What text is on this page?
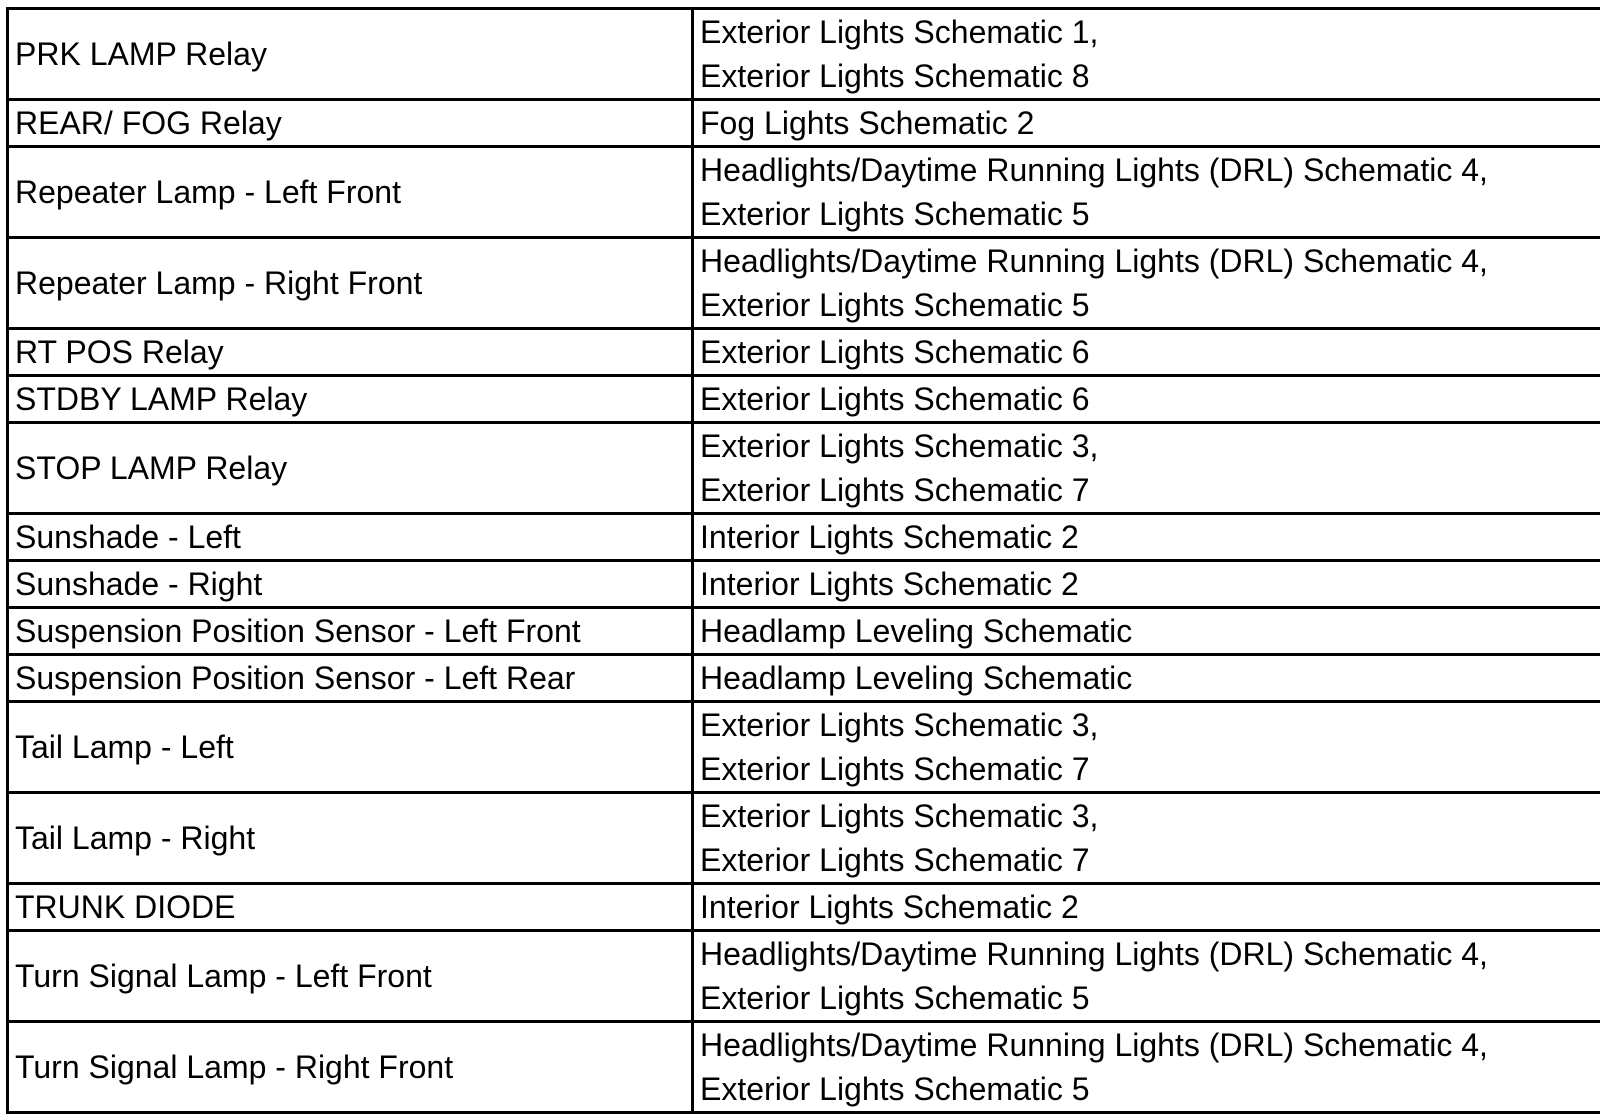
PRK LAMP Relay	Exterior Lights Schematic 1,
Exterior Lights Schematic 8

REAR/ FOG Relay	Fog Lights Schematic 2

Repeater Lamp - Left Front	Headlights/Daytime Running Lights (DRL) Schematic 4,
Exterior Lights Schematic 5

Repeater Lamp - Right Front	Headlights/Daytime Running Lights (DRL) Schematic 4,
Exterior Lights Schematic 5

RT POS Relay	Exterior Lights Schematic 6

STDBY LAMP Relay	Exterior Lights Schematic 6

STOP LAMP Relay	Exterior Lights Schematic 3,
Exterior Lights Schematic 7

Sunshade - Left	Interior Lights Schematic 2

Sunshade - Right	Interior Lights Schematic 2

Suspension Position Sensor - Left Front	Headlamp Leveling Schematic

Suspension Position Sensor - Left Rear	Headlamp Leveling Schematic

Tail Lamp - Left	Exterior Lights Schematic 3,
Exterior Lights Schematic 7

Tail Lamp - Right	Exterior Lights Schematic 3,
Exterior Lights Schematic 7

TRUNK DIODE	Interior Lights Schematic 2

Turn Signal Lamp - Left Front	Headlights/Daytime Running Lights (DRL) Schematic 4,
Exterior Lights Schematic 5

Turn Signal Lamp - Right Front	Headlights/Daytime Running Lights (DRL) Schematic 4,
Exterior Lights Schematic 5
